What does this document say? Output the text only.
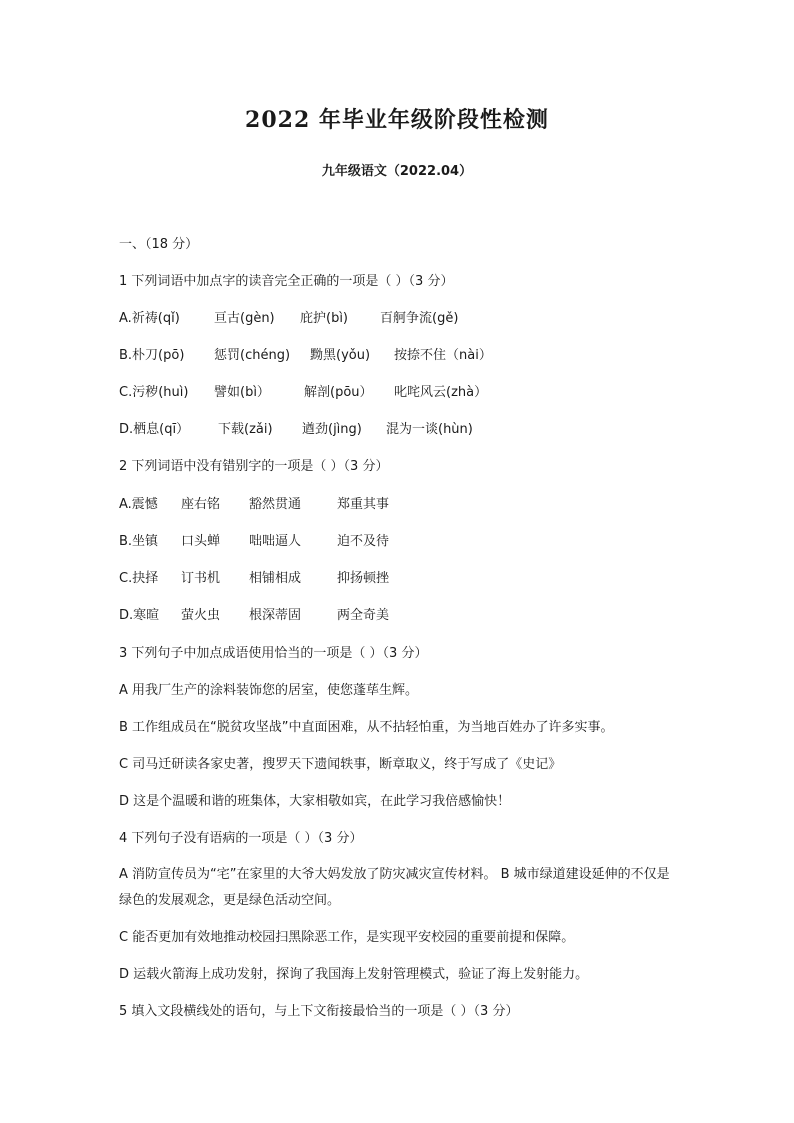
2022 年毕业年级阶段性检测
九年级语文（2022.04）
一、（18 分）
1 下列词语中加点字的读音完全正确的一项是（ ）（3 分）
A.祈祷(qǐ)	亘古(gèn) 庇护(bì) 百舸争流(gě)
B.朴刀(pō) 惩罚(chéng) 黝黑(yǒu) 按捺不住（nài）
C.污秽(huì) 譬如(bì）	解剖(pōu） 叱咤风云(zhà）
D.栖息(qī） 下载(zǎi) 遒劲(jìng) 混为一谈(hùn)
2 下列词语中没有错别字的一项是（ ）（3 分）
A.震憾 座右铭 豁然贯通	郑重其事
B.坐镇 口头蝉 咄咄逼人	迫不及待
C.抉择 订书机 相铺相成	抑扬顿挫
D.寒暄 萤火虫 根深蒂固	两全奇美
3 下列句子中加点成语使用恰当的一项是（ ）（3 分）
A 用我厂生产的涂料装饰您的居室，使您蓬荜生辉。
B 工作组成员在“脱贫攻坚战”中直面困难，从不拈轻怕重，为当地百姓办了许多实事。
C 司马迁研读各家史著，搜罗天下遗闻轶事，断章取义，终于写成了《史记》
D 这是个温暖和谐的班集体，大家相敬如宾，在此学习我倍感愉快！
4 下列句子没有语病的一项是（ ）（3 分）
A 消防宣传员为“宅”在家里的大爷大妈发放了防灾减灾宣传材料。 B 城市绿道建设延伸的不仅是绿色的发展观念，更是绿色活动空间。
C 能否更加有效地推动校园扫黑除恶工作，是实现平安校园的重要前提和保障。
D 运载火箭海上成功发射，探询了我国海上发射管理模式，验证了海上发射能力。
5 填入文段横线处的语句，与上下文衔接最恰当的一项是（ ）（3 分）
